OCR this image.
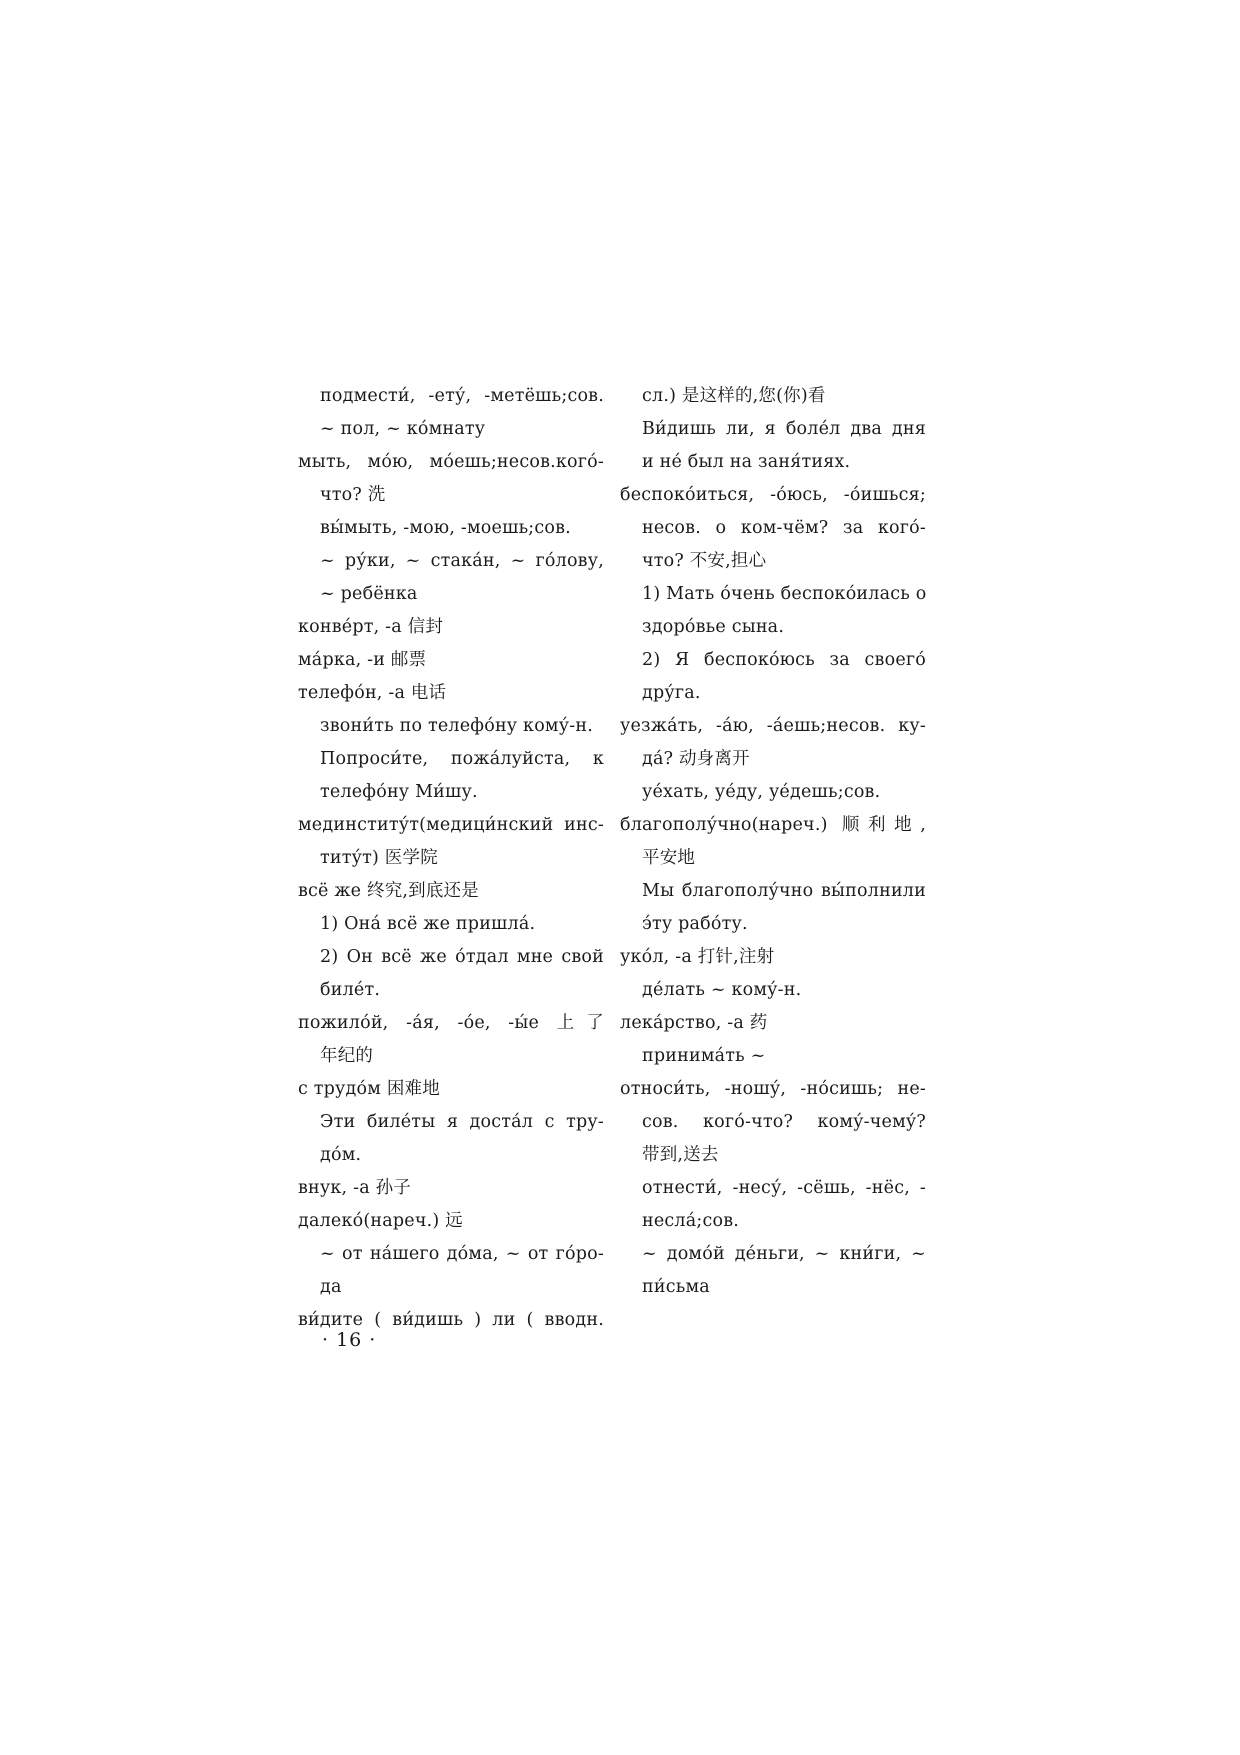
подмести́, -ету́, -метёшь;сов.
~ пол, ~ ко́мнату
мыть, мо́ю, мо́ешь;несов.кого́-
что? 洗
вы́мыть, -мою, -моешь;сов.
~ ру́ки, ~ стака́н, ~ го́лову,
~ ребёнка
конве́рт, -а 信封
ма́рка, -и 邮票
телефо́н, -а 电话
звони́ть по телефо́ну кому́-н.
Попроси́те, пожа́луйста, к
телефо́ну Ми́шу.
мединститу́т(медици́нский инс-
титу́т) 医学院
всё же 终究,到底还是
1) Она́ всё же пришла́.
2) Он всё же о́тдал мне свой
биле́т.
пожило́й, -а́я, -о́е, -ы́е 上了
年纪的
с трудо́м 困难地
Эти биле́ты я доста́л с тру-
до́м.
внук, -а 孙子
далеко́(нареч.) 远
~ от на́шего до́ма, ~ от го́ро-
да
ви́дите ( ви́дишь ) ли ( вводн.
сл.) 是这样的,您(你)看
Ви́дишь ли, я боле́л два дня
и не́ был на заня́тиях.
беспоко́иться, -о́юсь, -о́ишься;
несов. о ком-чём? за кого́-
что? 不安,担心
1) Мать о́чень беспоко́илась о
здоро́вье сына.
2) Я беспоко́юсь за своего́
дру́га.
уезжа́ть, -а́ю, -а́ешь;несов. ку-
да́? 动身离开
уе́хать, уе́ду, уе́дешь;сов.
благополу́чно(нареч.) 顺利地,
平安地
Мы благополу́чно вы́полнили
э́ту рабо́ту.
уко́л, -а 打针,注射
де́лать ~ кому́-н.
лека́рство, -а 药
принима́ть ~
относи́ть, -ношу́, -но́сишь; не-
сов. кого́-что? кому́-чему́?
带到,送去
отнести́, -несу́, -сёшь, -нёс, -
несла́;сов.
~ домо́й де́ньги, ~ кни́ги, ~
пи́сьма
· 16 ·
